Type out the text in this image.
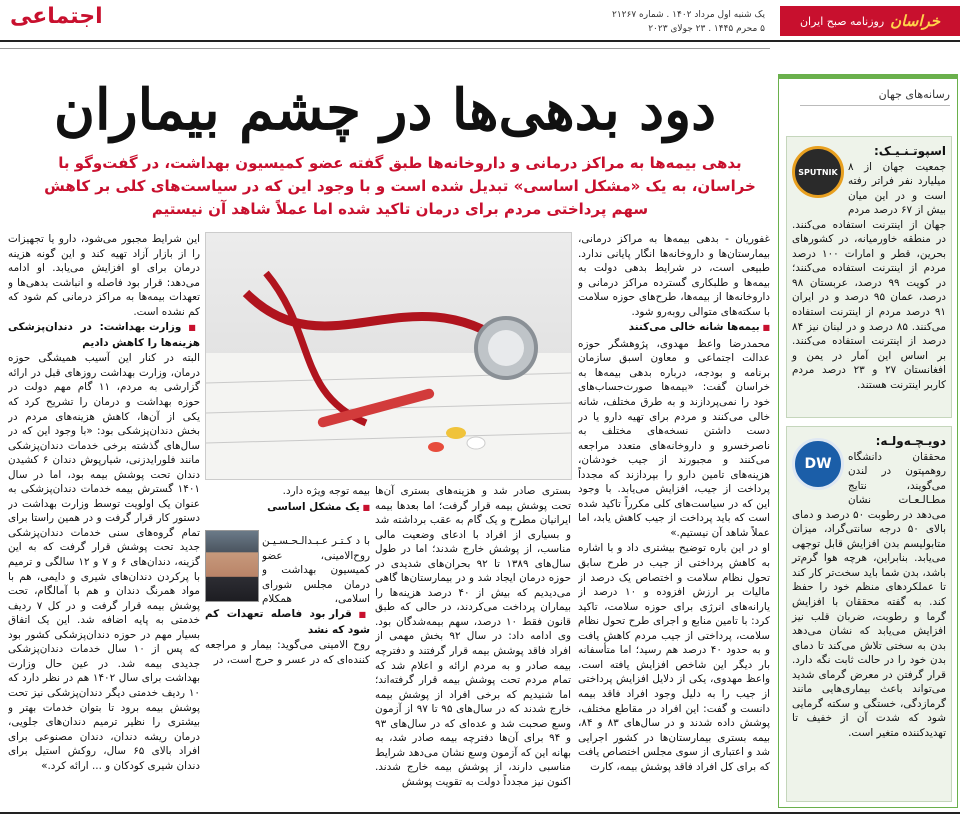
خراسان
روزنامه صبح ایران
یک شنبه اول مرداد ۱۴۰۲ . شماره ۲۱۲۶۷
۵ محرم ۱۴۴۵ . ۲۳ جولای ۲۰۲۳
اجتماعی
دود بدهی‌ها در چشم بیماران
بدهی بیمه‌ها به مراکز درمانی و داروخانه‌ها طبق گفته عضو کمیسیون بهداشت، در گفت‌وگو با خراسان، به یک «مشکل اساسی» تبدیل شده است و با وجود این که در سیاست‌های کلی بر کاهش سهم پرداختی مردم برای درمان تاکید شده اما عملاً شاهد آن نیستیم

غفوریان - بدهی بیمه‌ها به مراکز درمانی، بیمارستان‌ها و داروخانه‌ها انگار پایانی ندارد. طبیعی است، در شرایط بدهی دولت به بیمه‌ها و طلبکاری گسترده مراکز درمانی و داروخانه‌ها از بیمه‌ها، طرح‌های حوزه سلامت با سکته‌های متوالی روبه‌رو شود.

■ بیمه‌ها شانه خالی می‌کنند

محمدرضا واعظ مهدوی، پژوهشگر حوزه عدالت اجتماعی و معاون اسبق سازمان برنامه و بودجه، درباره بدهی بیمه‌ها به خراسان گفت: «بیمه‌ها صورت‌حساب‌های خود را نمی‌پردازند و به طرق مختلف، شانه خالی می‌کنند و مردم برای تهیه دارو یا در دست داشتن نسخه‌های مختلف به ناصرخسرو و داروخانه‌های متعدد مراجعه می‌کنند و مجبورند از جیب خودشان، هزینه‌های تامین دارو را بپردازند که مجدداً پرداخت از جیب، افزایش می‌یابد. با وجود این که در سیاست‌های کلی مکرراً تاکید شده است که باید پرداخت از جیب کاهش یابد، اما عملاً شاهد آن نیستیم.»

او در این باره توضیح بیشتری داد و با اشاره به کاهش پرداختی از جیب در طرح سابق تحول نظام سلامت و اختصاص یک درصد از مالیات بر ارزش افزوده و ۱۰ درصد از یارانه‌های انرژی برای حوزه سلامت، تاکید کرد: با تامین منابع و اجرای طرح تحول نظام سلامت، پرداختی از جیب مردم کاهش یافت و به حدود ۴۰ درصد هم رسید؛ اما متأسفانه بار دیگر این شاخص افزایش یافته است. واعظ مهدوی، یکی از دلایل افزایش پرداختی از جیب را به دلیل وجود افراد فاقد بیمه دانست و گفت: این افراد در مقاطع مختلف، پوشش داده شدند و در سال‌های ۸۳ و ۸۴، بیمه بستری بیمارستان‌ها در کشور اجرایی شد و اعتباری از سوی مجلس اختصاص یافت که برای کل افراد فاقد پوشش بیمه، کارت

بستری صادر شد و هزینه‌های بستری آن‌ها تحت پوشش بیمه قرار گرفت؛ اما بعدها بیمه ایرانیان مطرح و یک گام به عقب برداشته شد و بسیاری از افراد با ادعای وضعیت مالی مناسب، از پوشش خارج شدند؛ اما در طول سال‌های ۱۳۸۹ تا ۹۲ بحران‌های شدیدی در حوزه درمان ایجاد شد و در بیمارستان‌ها گاهی می‌دیدیم که بیش از ۴۰ درصد هزینه‌ها را بیماران پرداخت می‌کردند، در حالی که طبق قانون فقط ۱۰ درصد، سهم بیمه‌شدگان بود. وی ادامه داد: در سال ۹۲ بخش مهمی از افراد فاقد پوشش بیمه قرار گرفتند و دفترچه بیمه صادر و به مردم ارائه و اعلام شد که تمام مردم تحت پوشش بیمه قرار گرفته‌اند؛ اما شنیدیم که برخی افراد از پوشش بیمه خارج شدند که در سال‌های ۹۵ تا ۹۷ از آزمون وسع صحبت شد و عده‌ای که در سال‌های ۹۳ و ۹۴ برای آن‌ها دفترچه بیمه صادر شد، به بهانه این که آزمون وسع نشان می‌دهد شرایط مناسبی دارند، از پوشش بیمه خارج شدند. اکنون نیز مجدداً دولت به تقویت پوشش

بیمه توجه ویژه دارد.

■ یک مشکل اساسی

با د کـتـر عـبـدالـحـسـیـن روح‌الامینی، عضو کمیسیون بهداشت و درمان مجلس شورای اسلامی، همکلام

■ قرار بود فاصله تعهدات کم شود که نشد

روح الامینی می‌گوید: بیمار و مراجعه کننده‌ای که در عسر و حرج است، در

این شرایط مجبور می‌شود، دارو یا تجهیزات را از بازار آزاد تهیه کند و این گونه هزینه درمان برای او افزایش می‌یابد. او ادامه می‌دهد: قرار بود فاصله و انباشت بدهی‌ها و تعهدات بیمه‌ها به مراکز درمانی کم شود که کم نشده است.

■ وزارت بهداشت: در دندان‌پزشکی هزینه‌ها را کاهش دادیم

البته در کنار این آسیب همیشگی حوزه درمان، وزارت بهداشت روزهای قبل در ارائه گزارشی به مردم، ۱۱ گام مهم دولت در حوزه بهداشت و درمان را تشریح کرد که یکی از آن‌ها، کاهش هزینه‌های مردم در بخش دندان‌پزشکی بود: «با وجود این که در سال‌های گذشته برخی خدمات دندان‌پزشکی مانند فلورایدزنی، شیارپوش دندان ۶ کشیدن دندان تحت پوشش بیمه بود، اما در سال ۱۴۰۱ گسترش بیمه خدمات دندان‌پزشکی به عنوان یک اولویت توسط وزارت بهداشت در دستور کار قرار گرفت و در همین راستا برای تمام گروه‌های سنی خدمات دندان‌پزشکی جدید تحت پوشش قرار گرفت که به این گزینه، دندان‌های ۶ و ۷ و ۱۲ سالگی و ترمیم با پرکردن دندان‌های شیری و دایمی، هم با مواد همرنگ دندان و هم با آمالگام، تحت پوشش بیمه قرار گرفت و در کل ۷ ردیف خدمتی به پایه اضافه شد. این یک اتفاق بسیار مهم در حوزه دندان‌پزشکی کشور بود که پس از ۱۰ سال خدمات دندان‌پزشکی جدیدی بیمه شد. در عین حال وزارت بهداشت برای سال ۱۴۰۲ هم در نظر دارد که ۱۰ ردیف خدمتی دیگر دندان‌پزشکی نیز تحت پوشش بیمه برود تا بتوان خدمات بهتر و بیشتری را نظیر ترمیم دندان‌های جلویی، درمان ریشه دندان، دندان مصنوعی برای افراد بالای ۶۵ سال، روکش استیل برای دندان شیری کودکان و ... ارائه کرد.»

رسانه‌های جهان
SPUTNIK
اسپوتـنـیـک: جمعیت جهان از ۸ میلیارد نفر فراتر رفته است و در این میان بیش از ۶۷ درصد مردم جهان از اینترنت استفاده می‌کنند. در منطقه خاورمیانه، در کشورهای بحرین، قطر و امارات ۱۰۰ درصد مردم از اینترنت استفاده می‌کنند؛ در کویت ۹۹ درصد، عربستان ۹۸ درصد، عمان ۹۵ درصد و در ایران ۹۱ درصد مردم از اینترنت استفاده می‌کنند. ۸۵ درصد و در لبنان نیز ۸۴ درصد از اینترنت استفاده می‌کنند. بر اساس این آمار در یمن و افغانستان ۲۷ و ۲۳ درصد مردم کاربر اینترنت هستند.
DW
دویـچـه‌ولـه: محققان دانشگاه روهمپتون در لندن می‌گویند، نتایج مطـالـعـات نشان می‌دهد در رطوبت ۵۰ درصد و دمای بالای ۵۰ درجه سانتی‌گراد، میزان متابولیسم بدن افزایش قابل توجهی می‌یابد. بنابراین، هرچه هوا گرم‌تر باشد، بدن شما باید سخت‌تر کار کند تا عملکردهای منظم خود را حفظ کند. به گفته محققان با افزایش گرما و رطوبت، ضربان قلب نیز افزایش می‌یابد که نشان می‌دهد بدن به سختی تلاش می‌کند تا دمای بدن خود را در حالت ثابت نگه دارد. قرار گرفتن در معرض گرمای شدید می‌تواند باعث بیماری‌هایی مانند گرمازدگی، خستگی و سکته گرمایی شود که شدت آن از خفیف تا تهدیدکننده متغیر است.
